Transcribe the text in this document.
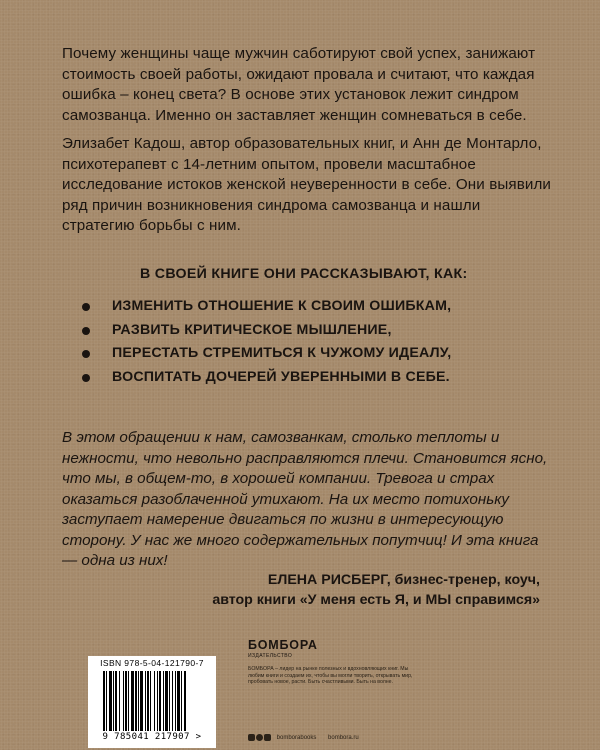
Почему женщины чаще мужчин саботируют свой успех, занижают стоимость своей работы, ожидают провала и считают, что каждая ошибка – конец света? В основе этих установок лежит синдром самозванца. Именно он заставляет женщин сомневаться в себе.

Элизабет Кадош, автор образовательных книг, и Анн де Монтарло, психотерапевт с 14-летним опытом, провели масштабное исследование истоков женской неуверенности в себе. Они выявили ряд причин возникновения синдрома самозванца и нашли стратегию борьбы с ним.

В СВОЕЙ КНИГЕ ОНИ РАССКАЗЫВАЮТ, КАК:
ИЗМЕНИТЬ ОТНОШЕНИЕ К СВОИМ ОШИБКАМ,
РАЗВИТЬ КРИТИЧЕСКОЕ МЫШЛЕНИЕ,
ПЕРЕСТАТЬ СТРЕМИТЬСЯ К ЧУЖОМУ ИДЕАЛУ,
ВОСПИТАТЬ ДОЧЕРЕЙ УВЕРЕННЫМИ В СЕБЕ.

В этом обращении к нам, самозванкам, столько теплоты и нежности, что невольно расправляются плечи. Становится ясно, что мы, в общем-то, в хорошей компании. Тревога и страх оказаться разоблаченной утихают. На их место потихоньку заступает намерение двигаться по жизни в интересующую сторону. У нас же много содержательных попутчиц! И эта книга — одна из них!

ЕЛЕНА РИСБЕРГ, бизнес-тренер, коуч,
автор книги «У меня есть Я, и МЫ справимся»
ISBN 978-5-04-121790-7
9 785041 217907 >
БОМБОРА
ИЗДАТЕЛЬСТВО
БОМБОРА – лидер на рынке полезных и вдохновляющих книг. Мы любим книги и создаем их, чтобы вы могли творить, открывать мир, пробовать новое, расти. Быть счастливыми. Быть на волне.
bomborabooks bombora.ru
